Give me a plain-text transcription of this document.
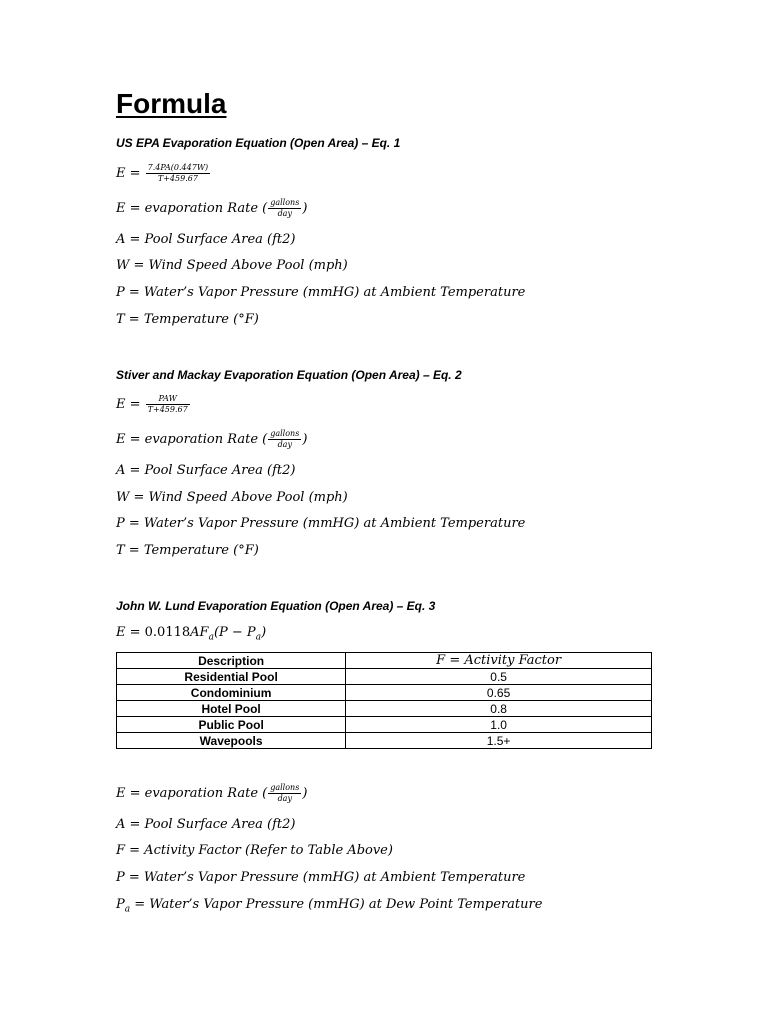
Formula
US EPA Evaporation Equation (Open Area) – Eq. 1
$E = \frac{7.4PA(0.447W)}{T+459.67}$
E = evaporation Rate ( $\frac{\text{gallons}}{\text{day}}$ )
A = Pool Surface Area (ft2)
W = Wind Speed Above Pool (mph)
P = Water’s Vapor Pressure (mmHG) at Ambient Temperature
T = Temperature (°F)
Stiver and Mackay Evaporation Equation (Open Area) – Eq. 2
$E = \frac{\text{PAW}}{T+459.67}$
E = evaporation Rate ( $\frac{\text{gallons}}{\text{day}}$ )
A = Pool Surface Area (ft2)
W = Wind Speed Above Pool (mph)
P = Water’s Vapor Pressure (mmHG) at Ambient Temperature
T = Temperature (°F)
John W. Lund Evaporation Equation (Open Area) – Eq. 3
$E = 0.0118AF_a(P - P_a)$
Description	F = Activity Factor
Residential Pool	0.5
Condominium	0.65
Hotel Pool	0.8
Public Pool	1.0
Wavepools	1.5+
E = evaporation Rate ( $\frac{\text{gallons}}{\text{day}}$ )
A = Pool Surface Area (ft2)
F = Activity Factor (Refer to Table Above)
P = Water’s Vapor Pressure (mmHG) at Ambient Temperature
$P_a$ = Water’s Vapor Pressure (mmHG) at Dew Point Temperature
